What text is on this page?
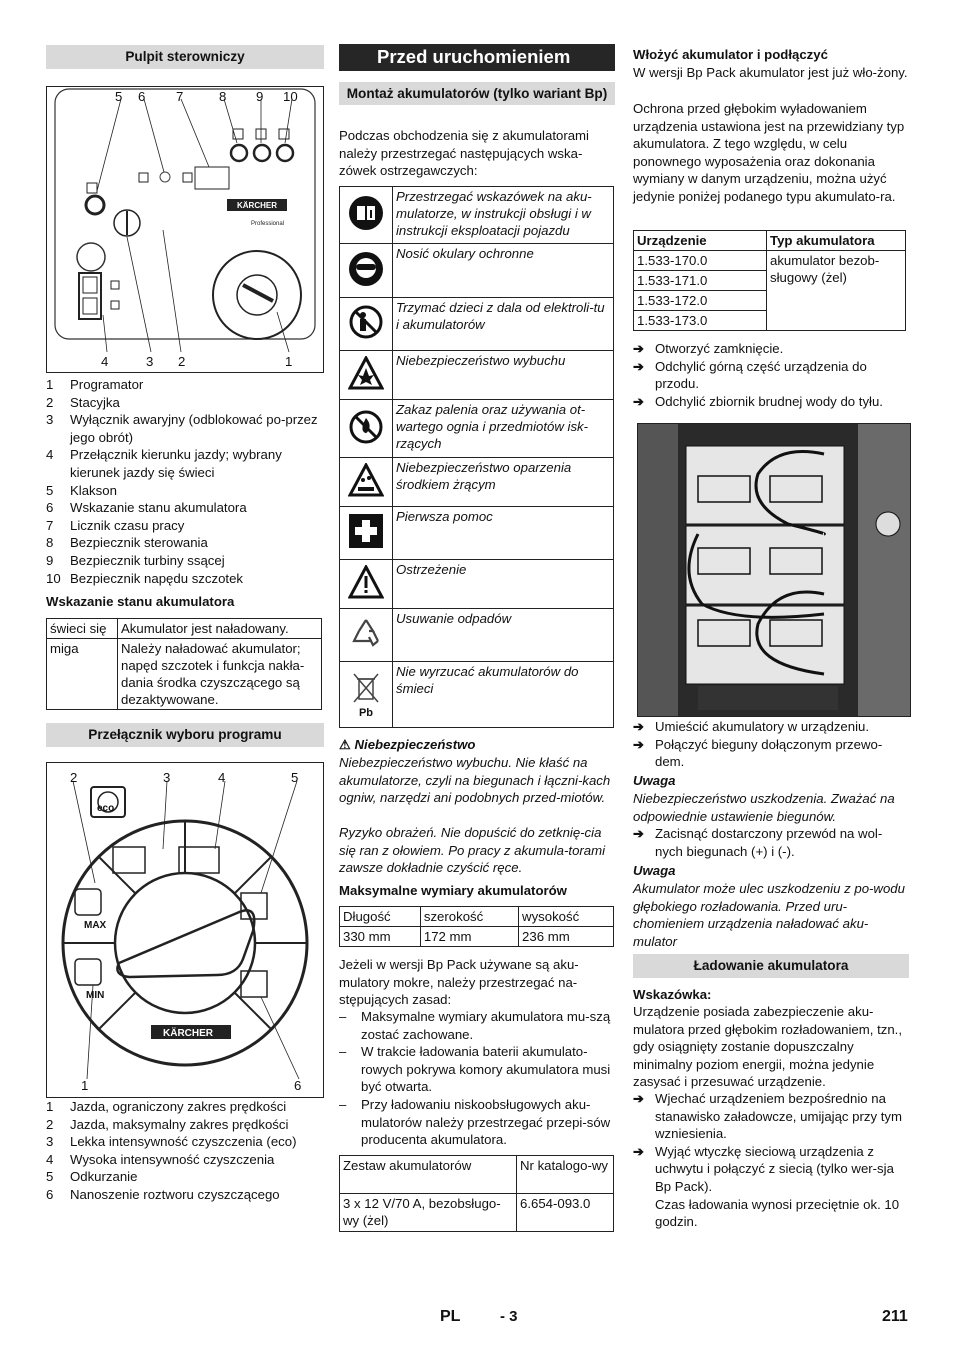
Pulpit sterowniczy
KÄRCHER
Professional
5 6 7	8 9 10
4	3 2	1
1	Programator
2	Stacyjka
3	Wyłącznik awaryjny (odblokować po-przez jego obrót)
4	Przełącznik kierunku jazdy; wybrany kierunek jazdy się świeci
5	Klakson
6	Wskazanie stanu akumulatora
7	Licznik czasu pracy
8	Bezpiecznik sterowania
9	Bezpiecznik turbiny ssącej
10 Bezpiecznik napędu szczotek
Wskazanie stanu akumulatora
świeci się	Akumulator jest naładowany.
miga	Należy naładować akumulator; napęd szczotek i funkcja nakła-dania środka czyszczącego są dezaktywowane.
Przełącznik wyboru programu
eco
MAX
MIN
KÄRCHER
2	3	4	5
1	6
1	Jazda, ograniczony zakres prędkości
2	Jazda, maksymalny zakres prędkości
3	Lekka intensywność czyszczenia (eco)
4	Wysoka intensywność czyszczenia
5	Odkurzanie
6	Nanoszenie roztworu czyszczącego
Przed uruchomieniem
Montaż akumulatorów (tylko wariant Bp)
Podczas obchodzenia się z akumulatorami należy przestrzegać następujących wska-zówek ostrzegawczych:
	Przestrzegać wskazówek na aku-mulatorze, w instrukcji obsługi i w instrukcji eksploatacji pojazdu
	Nosić okulary ochronne
	Trzymać dzieci z dala od elektroli-tu i akumulatorów
	Niebezpieczeństwo wybuchu
	Zakaz palenia oraz używania ot-wartego ognia i przedmiotów isk-rzących
	Niebezpieczeństwo oparzenia środkiem żrącym
	Pierwsza pomoc
	Ostrzeżenie
	Usuwanie odpadów

Pb	Nie wyrzucać akumulatorów do śmieci
⚠ Niebezpieczeństwo
Niebezpieczeństwo wybuchu. Nie kłaść na akumulatorze, czyli na biegunach i łączni-kach ogniw, narzędzi ani podobnych przed-miotów.
Ryzyko obrażeń. Nie dopuścić do zetknię-cia się ran z ołowiem. Po pracy z akumula-torami zawsze dokładnie czyścić ręce.
Maksymalne wymiary akumulatorów
Długość	szerokość	wysokość
330 mm	172 mm	236 mm
Jeżeli w wersji Bp Pack używane są aku-mulatory mokre, należy przestrzegać na-stępujących zasad:
–	Maksymalne wymiary akumulatora mu-szą zostać zachowane.
–	W trakcie ładowania baterii akumulato-rowych pokrywa komory akumulatora musi być otwarta.
–	Przy ładowaniu niskoobsługowych aku-mulatorów należy przestrzegać przepi-sów producenta akumulatora.
Zestaw akumulatorów	Nr katalogo-wy
3 x 12 V/70 A, bezobsługo-wy (żel)	6.654-093.0
Włożyć akumulator i podłączyć
W wersji Bp Pack akumulator jest już wło-żony.
Ochrona przed głębokim wyładowaniem urządzenia ustawiona jest na przewidziany typ akumulatora. Z tego względu, w celu ponownego wyposażenia oraz dokonania wymiany w danym urządzeniu, można użyć jedynie poniżej podanego typu akumulato-ra.
Urządzenie	Typ akumulatora
1.533-170.0	akumulator bezob-sługowy (żel)
1.533-171.0	
1.533-172.0	
1.533-173.0	
➔ Otworzyć zamknięcie.
➔ Odchylić górną część urządzenia do przodu.
➔ Odchylić zbiornik brudnej wody do tyłu.
➔ Umieścić akumulatory w urządzeniu.
➔ Połączyć bieguny dołączonym przewo-dem.
Uwaga
Niebezpieczeństwo uszkodzenia. Zważać na odpowiednie ustawienie biegunów.
➔ Zacisnąć dostarczony przewód na wol-nych biegunach (+) i (-).
Uwaga
Akumulator może ulec uszkodzeniu z po-wodu głębokiego rozładowania. Przed uru-chomieniem urządzenia naładować aku-mulator
Ładowanie akumulatora
Wskazówka:
Urządzenie posiada zabezpieczenie aku-mulatora przed głębokim rozładowaniem, tzn., gdy osiągnięty zostanie dopuszczalny minimalny poziom energii, można jedynie zasysać i przesuwać urządzenie.
➔ Wjechać urządzeniem bezpośrednio na stanawisko załadowcze, umijając przy tym wzniesienia.
➔ Wyjąć wtyczkę sieciową urządzenia z uchwytu i połączyć z siecią (tylko wer-sja Bp Pack).
Czas ładowania wynosi przeciętnie ok. 10 godzin.
PL	- 3	211
